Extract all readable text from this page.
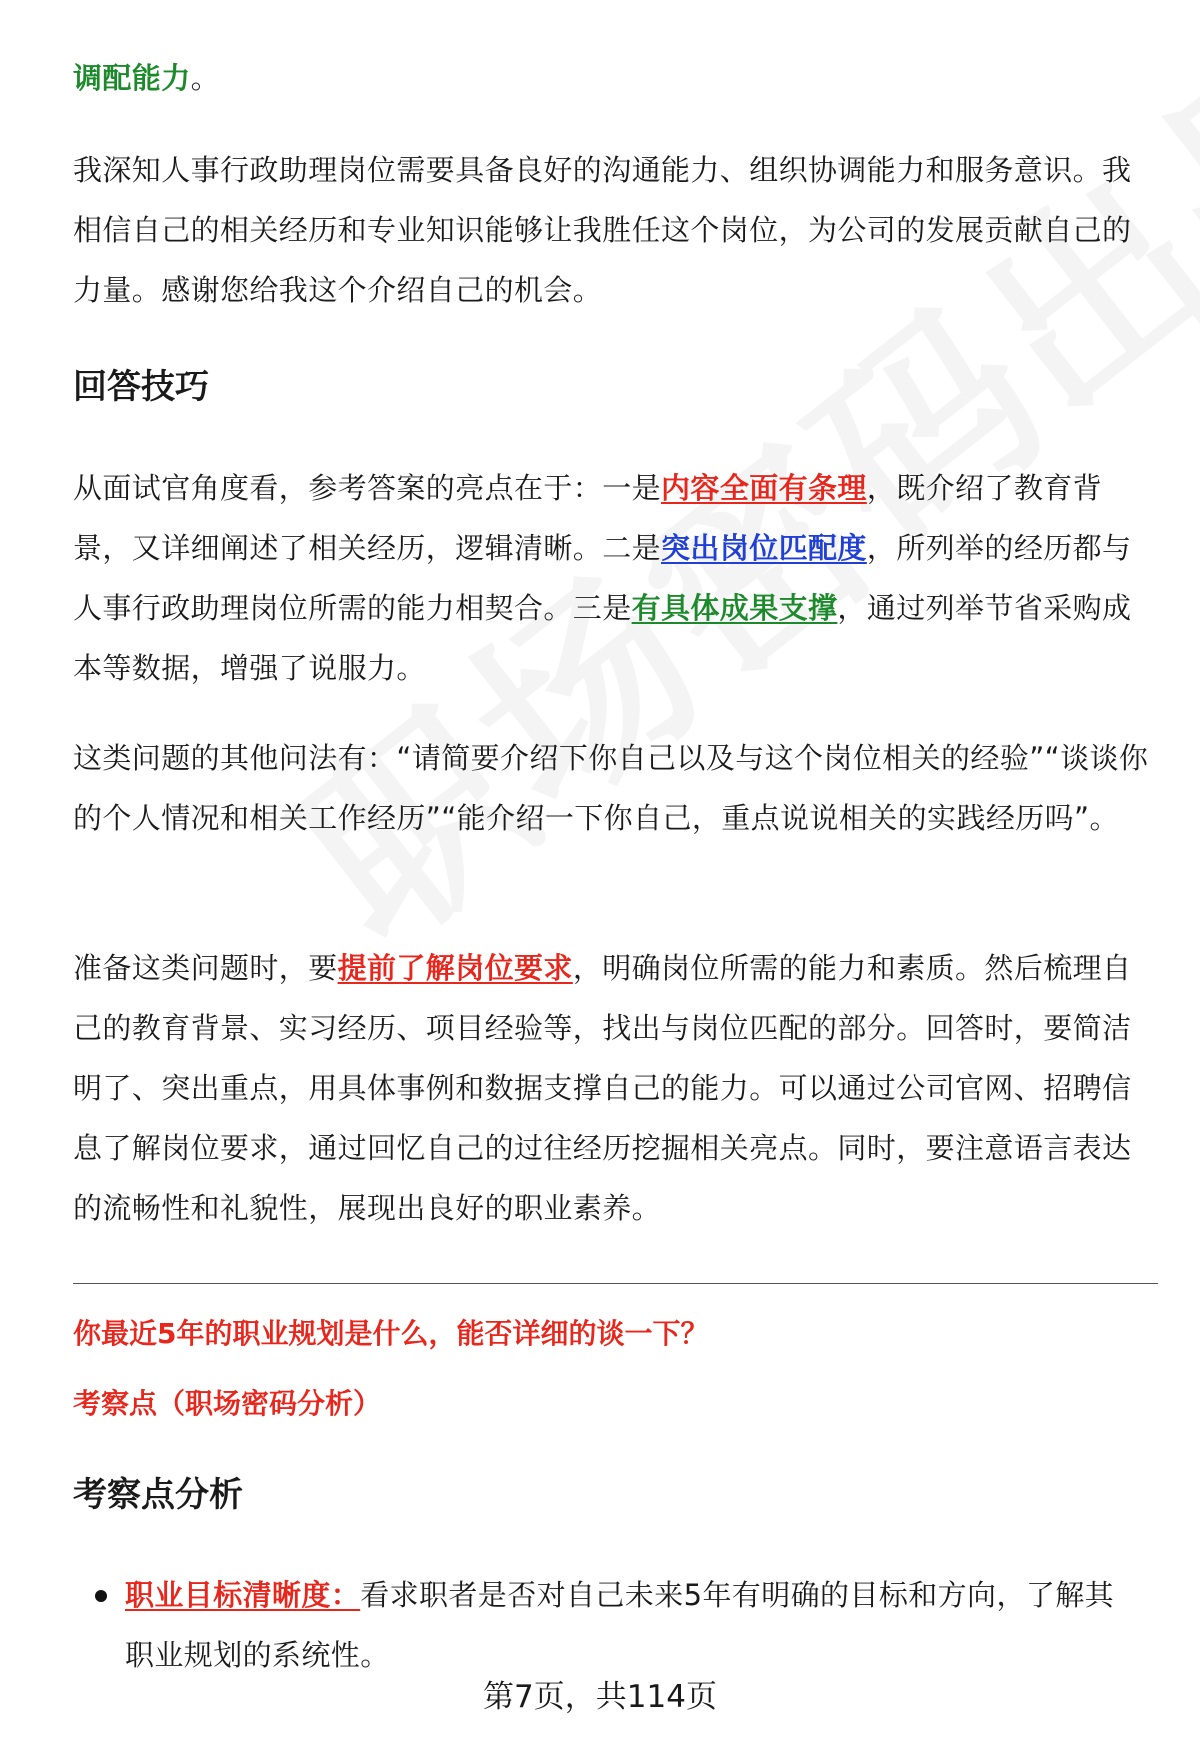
调配能力。

我深知人事行政助理岗位需要具备良好的沟通能力、组织协调能力和服务意识。我相信自己的相关经历和专业知识能够让我胜任这个岗位，为公司的发展贡献自己的力量。感谢您给我这个介绍自己的机会。

回答技巧

从面试官角度看，参考答案的亮点在于：一是内容全面有条理，既介绍了教育背景，又详细阐述了相关经历，逻辑清晰。二是突出岗位匹配度，所列举的经历都与人事行政助理岗位所需的能力相契合。三是有具体成果支撑，通过列举节省采购成本等数据，增强了说服力。

这类问题的其他问法有：“请简要介绍下你自己以及与这个岗位相关的经验”“谈谈你的个人情况和相关工作经历”“能介绍一下你自己，重点说说相关的实践经历吗”。

准备这类问题时，要提前了解岗位要求，明确岗位所需的能力和素质。然后梳理自己的教育背景、实习经历、项目经验等，找出与岗位匹配的部分。回答时，要简洁明了、突出重点，用具体事例和数据支撑自己的能力。可以通过公司官网、招聘信息了解岗位要求，通过回忆自己的过往经历挖掘相关亮点。同时，要注意语言表达的流畅性和礼貌性，展现出良好的职业素养。

你最近5年的职业规划是什么，能否详细的谈一下？

考察点（职场密码分析）

考察点分析

职业目标清晰度：看求职者是否对自己未来5年有明确的目标和方向，了解其职业规划的系统性。

第7页，共114页
